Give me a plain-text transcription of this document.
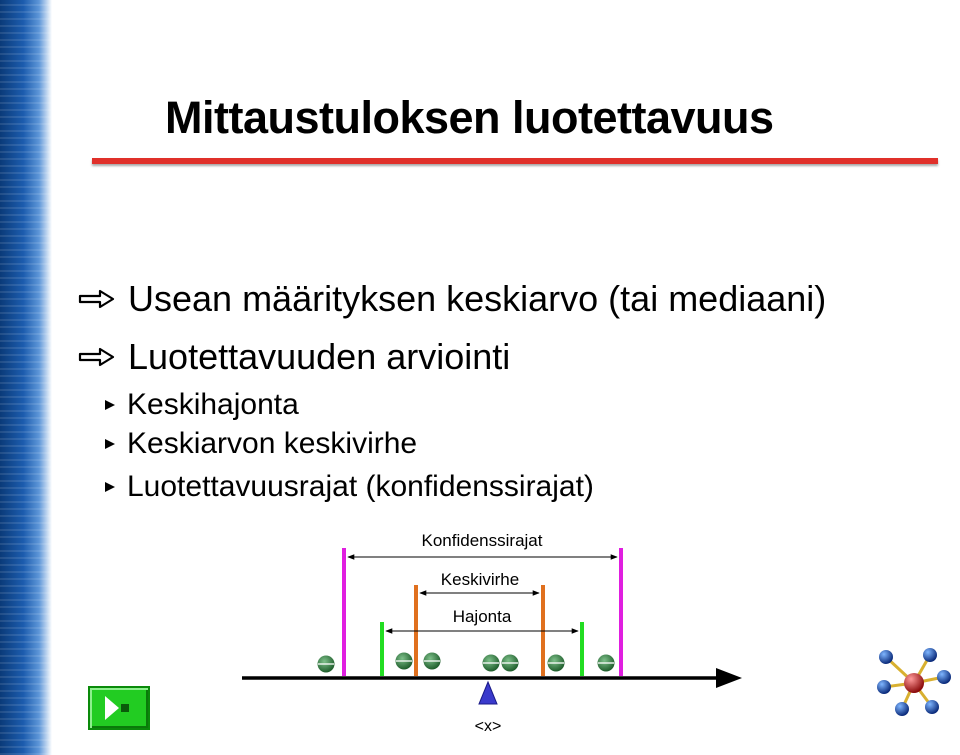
Mittaustuloksen luotettavuus
Usean määrityksen keskiarvo (tai mediaani)
Luotettavuuden arviointi
Keskihajonta
Keskiarvon keskivirhe
Luotettavuusrajat (konfidenssirajat)
Konfidenssirajat
Keskivirhe
Hajonta
<x>
